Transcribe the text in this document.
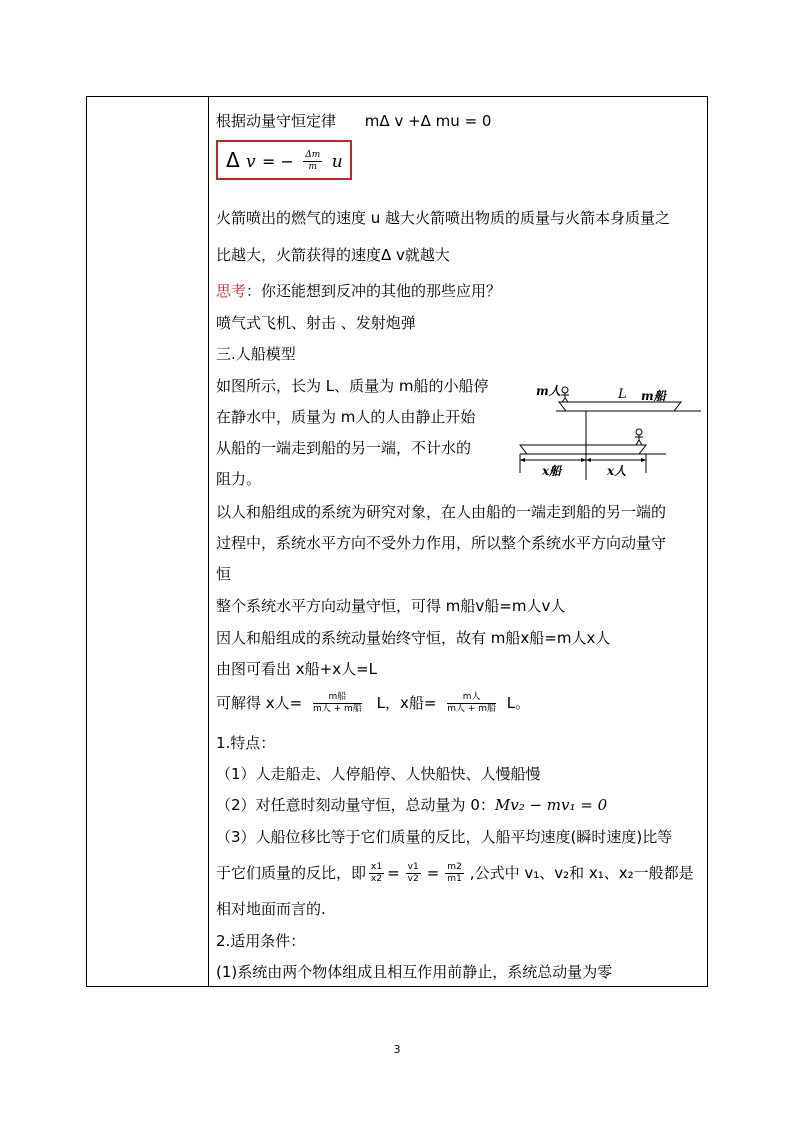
根据动量守恒定律 mΔ v +Δ mu = 0
Δ v = − $\frac{\Delta m}{m}$ u
火箭喷出的燃气的速度 u 越大火箭喷出物质的质量与火箭本身质量之
比越大，火箭获得的速度Δ v就越大
思考：你还能想到反冲的其他的那些应用？
喷气式飞机、射击 、发射炮弹
三.人船模型
如图所示，长为 L、质量为 m船的小船停
在静水中，质量为 m人的人由静止开始
从船的一端走到船的另一端，不计水的
阻力。
m人	L m船
x船	x人
以人和船组成的系统为研究对象，在人由船的一端走到船的另一端的
过程中，系统水平方向不受外力作用，所以整个系统水平方向动量守
恒
整个系统水平方向动量守恒，可得 m船v船=m人v人
因人和船组成的系统动量始终守恒，故有 m船x船=m人x人
由图可看出 x船+x人=L
可解得 x人= $\frac{\text{m船}}{\text{m人 + m船}}$ L，x船= $\frac{\text{m人}}{\text{m人 + m船}}$ L。
1.特点：
（1）人走船走、人停船停、人快船快、人慢船慢
（2）对任意时刻动量守恒，总动量为 0：Mv₂ − mv₁ = 0
（3）人船位移比等于它们质量的反比，人船平均速度(瞬时速度)比等
于它们质量的反比，即 $\frac{x1}{x2} = \frac{v1}{v2} = \frac{m2}{m1}$ ,公式中 v₁、v₂和 x₁、x₂一般都是
相对地面而言的.
2.适用条件：
(1)系统由两个物体组成且相互作用前静止，系统总动量为零
3
